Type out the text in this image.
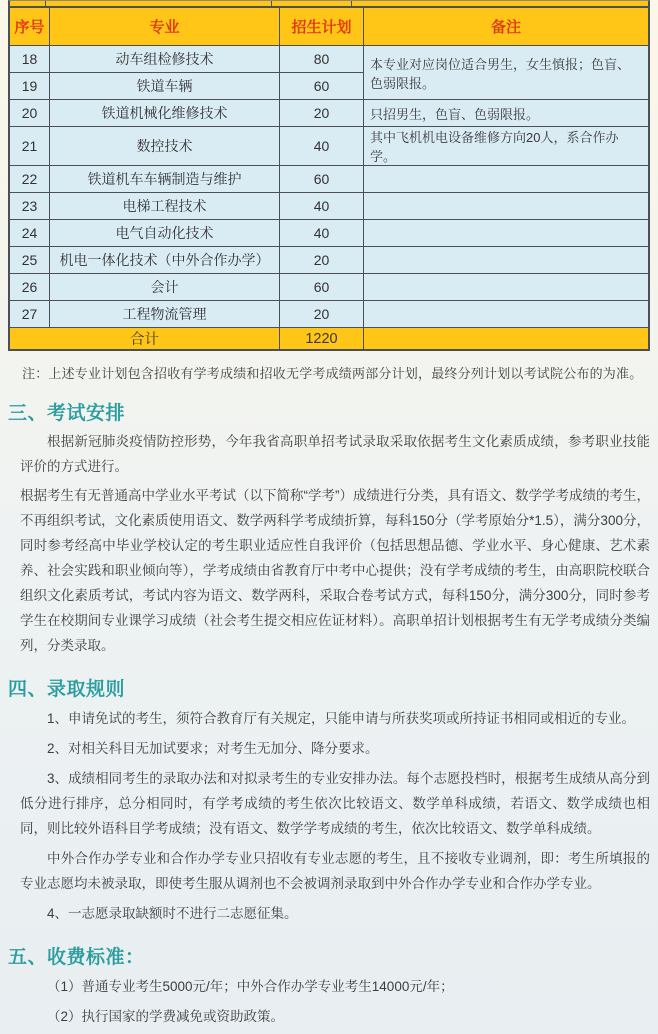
序号	专业	招生计划	备注
18	动车组检修技术	80	本专业对应岗位适合男生，女生慎报；色盲、色弱限报。
19	铁道车辆	60	
20	铁道机械化维修技术	20	只招男生，色盲、色弱限报。
21	数控技术	40	其中飞机机电设备维修方向20人，系合作办学。
22	铁道机车车辆制造与维护	60	
23	电梯工程技术	40	
24	电气自动化技术	40	
25	机电一体化技术（中外合作办学）	20	
26	会计	60	
27	工程物流管理	20	
合计		1220	
注：上述专业计划包含招收有学考成绩和招收无学考成绩两部分计划，最终分列计划以考试院公布的为准。
三、考试安排

根据新冠肺炎疫情防控形势，今年我省高职单招考试录取采取依据考生文化素质成绩，参考职业技能评价的方式进行。

根据考生有无普通高中学业水平考试（以下简称“学考”）成绩进行分类，具有语文、数学学考成绩的考生，不再组织考试，文化素质使用语文、数学两科学考成绩折算，每科150分（学考原始分*1.5），满分300分，同时参考经高中毕业学校认定的考生职业适应性自我评价（包括思想品德、学业水平、身心健康、艺术素养、社会实践和职业倾向等），学考成绩由省教育厅中考中心提供；没有学考成绩的考生，由高职院校联合组织文化素质考试，考试内容为语文、数学两科，采取合卷考试方式，每科150分，满分300分，同时参考学生在校期间专业课学习成绩（社会考生提交相应佐证材料）。高职单招计划根据考生有无学考成绩分类编列，分类录取。

四、录取规则

1、申请免试的考生，须符合教育厅有关规定，只能申请与所获奖项或所持证书相同或相近的专业。

2、对相关科目无加试要求；对考生无加分、降分要求。

3、成绩相同考生的录取办法和对拟录考生的专业安排办法。每个志愿投档时，根据考生成绩从高分到低分进行排序，总分相同时，有学考成绩的考生依次比较语文、数学单科成绩，若语文、数学成绩也相同，则比较外语科目学考成绩；没有语文、数学学考成绩的考生，依次比较语文、数学单科成绩。

中外合作办学专业和合作办学专业只招收有专业志愿的考生，且不接收专业调剂，即：考生所填报的专业志愿均未被录取，即使考生服从调剂也不会被调剂录取到中外合作办学专业和合作办学专业。

4、一志愿录取缺额时不进行二志愿征集。

五、收费标准：

（1）普通专业考生5000元/年；中外合作办学专业考生14000元/年；

（2）执行国家的学费减免或资助政策。
